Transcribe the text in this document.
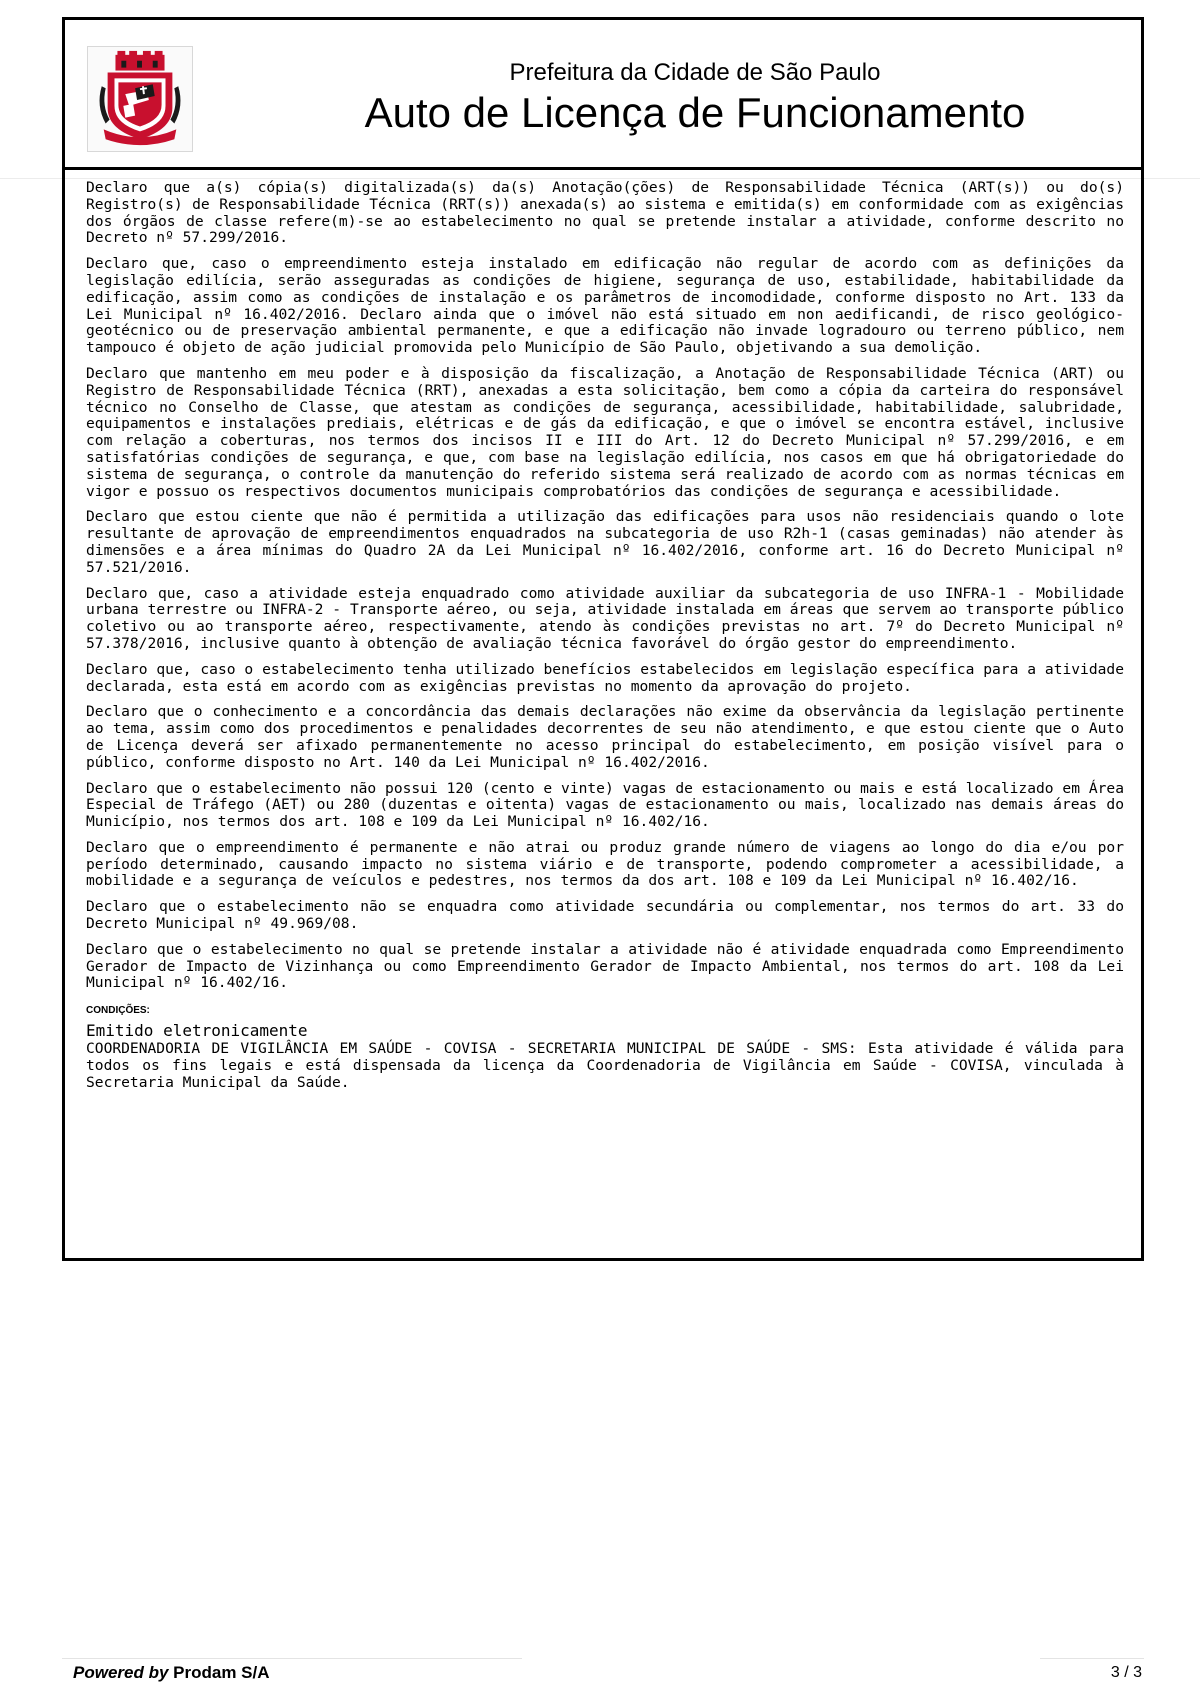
Prefeitura da Cidade de São Paulo
Auto de Licença de Funcionamento

Declaro que a(s) cópia(s) digitalizada(s) da(s) Anotação(ções) de Responsabilidade Técnica (ART(s)) ou do(s) Registro(s) de Responsabilidade Técnica (RRT(s)) anexada(s) ao sistema e emitida(s) em conformidade com as exigências dos órgãos de classe refere(m)-se ao estabelecimento no qual se pretende instalar a atividade, conforme descrito no Decreto nº 57.299/2016.

Declaro que, caso o empreendimento esteja instalado em edificação não regular de acordo com as definições da legislação edilícia, serão asseguradas as condições de higiene, segurança de uso, estabilidade, habitabilidade da edificação, assim como as condições de instalação e os parâmetros de incomodidade, conforme disposto no Art. 133 da Lei Municipal nº 16.402/2016. Declaro ainda que o imóvel não está situado em non aedificandi, de risco geológico-geotécnico ou de preservação ambiental permanente, e que a edificação não invade logradouro ou terreno público, nem tampouco é objeto de ação judicial promovida pelo Município de São Paulo, objetivando a sua demolição.

Declaro que mantenho em meu poder e à disposição da fiscalização, a Anotação de Responsabilidade Técnica (ART) ou Registro de Responsabilidade Técnica (RRT), anexadas a esta solicitação, bem como a cópia da carteira do responsável técnico no Conselho de Classe, que atestam as condições de segurança, acessibilidade, habitabilidade, salubridade, equipamentos e instalações prediais, elétricas e de gás da edificação, e que o imóvel se encontra estável, inclusive com relação a coberturas, nos termos dos incisos II e III do Art. 12 do Decreto Municipal nº 57.299/2016, e em satisfatórias condições de segurança, e que, com base na legislação edilícia, nos casos em que há obrigatoriedade do sistema de segurança, o controle da manutenção do referido sistema será realizado de acordo com as normas técnicas em vigor e possuo os respectivos documentos municipais comprobatórios das condições de segurança e acessibilidade.

Declaro que estou ciente que não é permitida a utilização das edificações para usos não residenciais quando o lote resultante de aprovação de empreendimentos enquadrados na subcategoria de uso R2h-1 (casas geminadas) não atender às dimensões e a área mínimas do Quadro 2A da Lei Municipal nº 16.402/2016, conforme art. 16 do Decreto Municipal nº 57.521/2016.

Declaro que, caso a atividade esteja enquadrado como atividade auxiliar da subcategoria de uso INFRA-1 - Mobilidade urbana terrestre ou INFRA-2 - Transporte aéreo, ou seja, atividade instalada em áreas que servem ao transporte público coletivo ou ao transporte aéreo, respectivamente, atendo às condições previstas no art. 7º do Decreto Municipal nº 57.378/2016, inclusive quanto à obtenção de avaliação técnica favorável do órgão gestor do empreendimento.

Declaro que, caso o estabelecimento tenha utilizado benefícios estabelecidos em legislação específica para a atividade declarada, esta está em acordo com as exigências previstas no momento da aprovação do projeto.

Declaro que o conhecimento e a concordância das demais declarações não exime da observância da legislação pertinente ao tema, assim como dos procedimentos e penalidades decorrentes de seu não atendimento, e que estou ciente que o Auto de Licença deverá ser afixado permanentemente no acesso principal do estabelecimento, em posição visível para o público, conforme disposto no Art. 140 da Lei Municipal nº 16.402/2016.

Declaro que o estabelecimento não possui 120 (cento e vinte) vagas de estacionamento ou mais e está localizado em Área Especial de Tráfego (AET) ou 280 (duzentas e oitenta) vagas de estacionamento ou mais, localizado nas demais áreas do Município, nos termos dos art. 108 e 109 da Lei Municipal nº 16.402/16.

Declaro que o empreendimento é permanente e não atrai ou produz grande número de viagens ao longo do dia e/ou por período determinado, causando impacto no sistema viário e de transporte, podendo comprometer a acessibilidade, a mobilidade e a segurança de veículos e pedestres, nos termos da dos art. 108 e 109 da Lei Municipal nº 16.402/16.

Declaro que o estabelecimento não se enquadra como atividade secundária ou complementar, nos termos do art. 33 do Decreto Municipal nº 49.969/08.

Declaro que o estabelecimento no qual se pretende instalar a atividade não é atividade enquadrada como Empreendimento Gerador de Impacto de Vizinhança ou como Empreendimento Gerador de Impacto Ambiental, nos termos do art. 108 da Lei Municipal nº 16.402/16.

CONDIÇÕES:
Emitido eletronicamente

COORDENADORIA DE VIGILÂNCIA EM SAÚDE - COVISA - SECRETARIA MUNICIPAL DE SAÚDE - SMS: Esta atividade é válida para todos os fins legais e está dispensada da licença da Coordenadoria de Vigilância em Saúde - COVISA, vinculada à Secretaria Municipal da Saúde.

Powered by Prodam S/A	3 / 3
